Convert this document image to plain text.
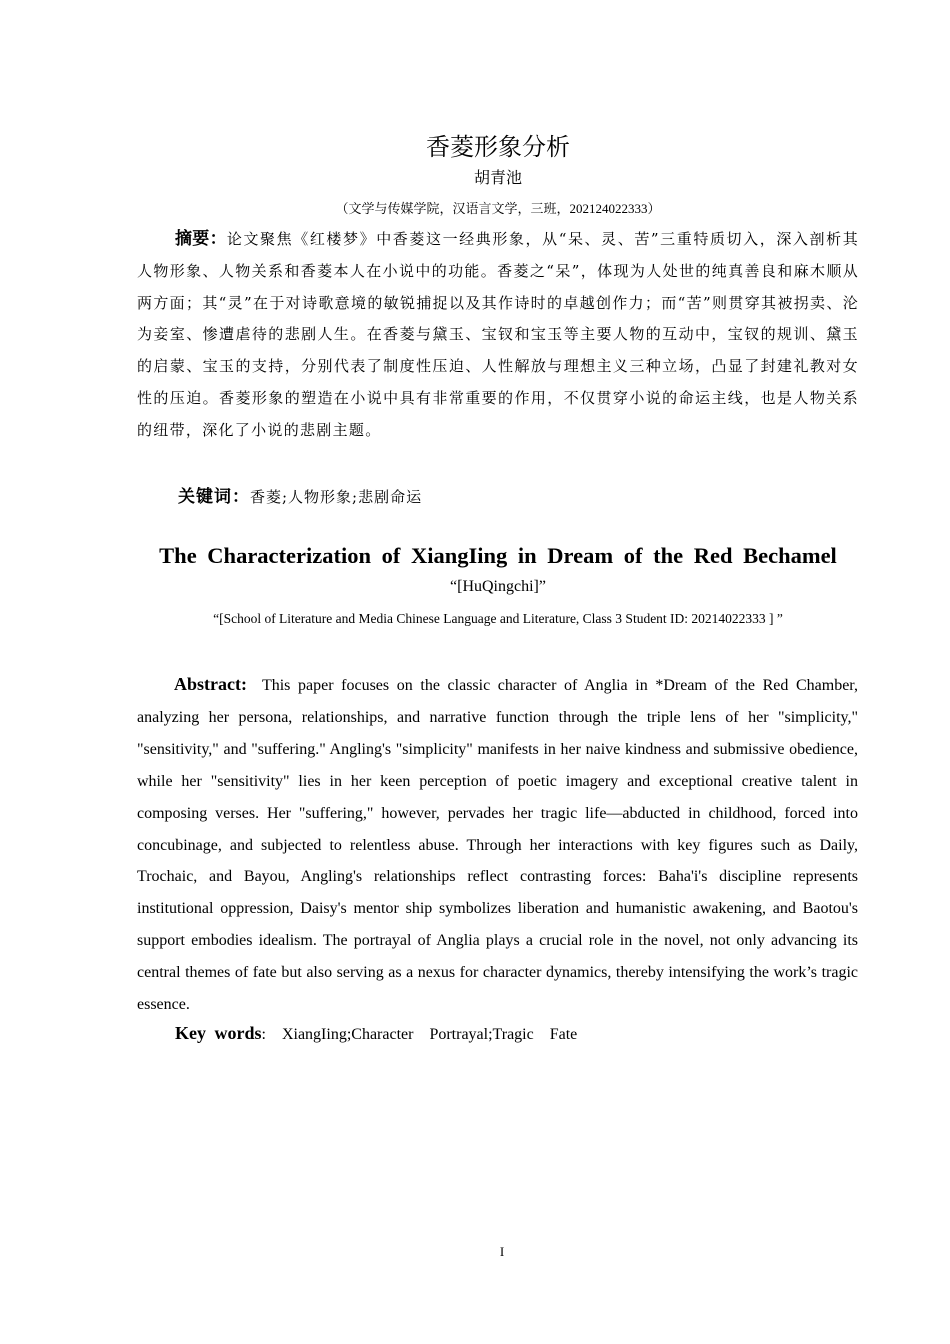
香菱形象分析
胡青池
（文学与传媒学院，汉语言文学，三班，202124022333）
摘要：论文聚焦《红楼梦》中香菱这一经典形象，从“呆、灵、苦”三重特质切入，深入剖析其人物形象、人物关系和香菱本人在小说中的功能。香菱之“呆”，体现为人处世的纯真善良和麻木顺从两方面；其“灵”在于对诗歌意境的敏锐捕捉以及其作诗时的卓越创作力；而“苦”则贯穿其被拐卖、沦为妾室、惨遭虐待的悲剧人生。在香菱与黛玉、宝钗和宝玉等主要人物的互动中，宝钗的规训、黛玉的启蒙、宝玉的支持，分别代表了制度性压迫、人性解放与理想主义三种立场，凸显了封建礼教对女性的压迫。香菱形象的塑造在小说中具有非常重要的作用，不仅贯穿小说的命运主线，也是人物关系的纽带，深化了小说的悲剧主题。
关键词：香菱;人物形象;悲剧命运
The Characterization of XiangIing in Dream of the Red Bechamel
“[HuQingchi]”
“[School of Literature and Media Chinese Language and Literature, Class 3 Student ID: 20214022333 ] ”
Abstract: This paper focuses on the classic character of Anglia in *Dream of the Red Chamber, analyzing her persona, relationships, and narrative function through the triple lens of her "simplicity," "sensitivity," and "suffering." Angling's "simplicity" manifests in her naive kindness and submissive obedience, while her "sensitivity" lies in her keen perception of poetic imagery and exceptional creative talent in composing verses. Her "suffering," however, pervades her tragic life—abducted in childhood, forced into concubinage, and subjected to relentless abuse. Through her interactions with key figures such as Daily, Trochaic, and Bayou, Angling's relationships reflect contrasting forces: Baha'i's discipline represents institutional oppression, Daisy's mentor ship symbolizes liberation and humanistic awakening, and Baotou's support embodies idealism. The portrayal of Anglia plays a crucial role in the novel, not only advancing its central themes of fate but also serving as a nexus for character dynamics, thereby intensifying the work’s tragic essence.
Key words:  XiangIing;Character  Portrayal;Tragic  Fate
I
